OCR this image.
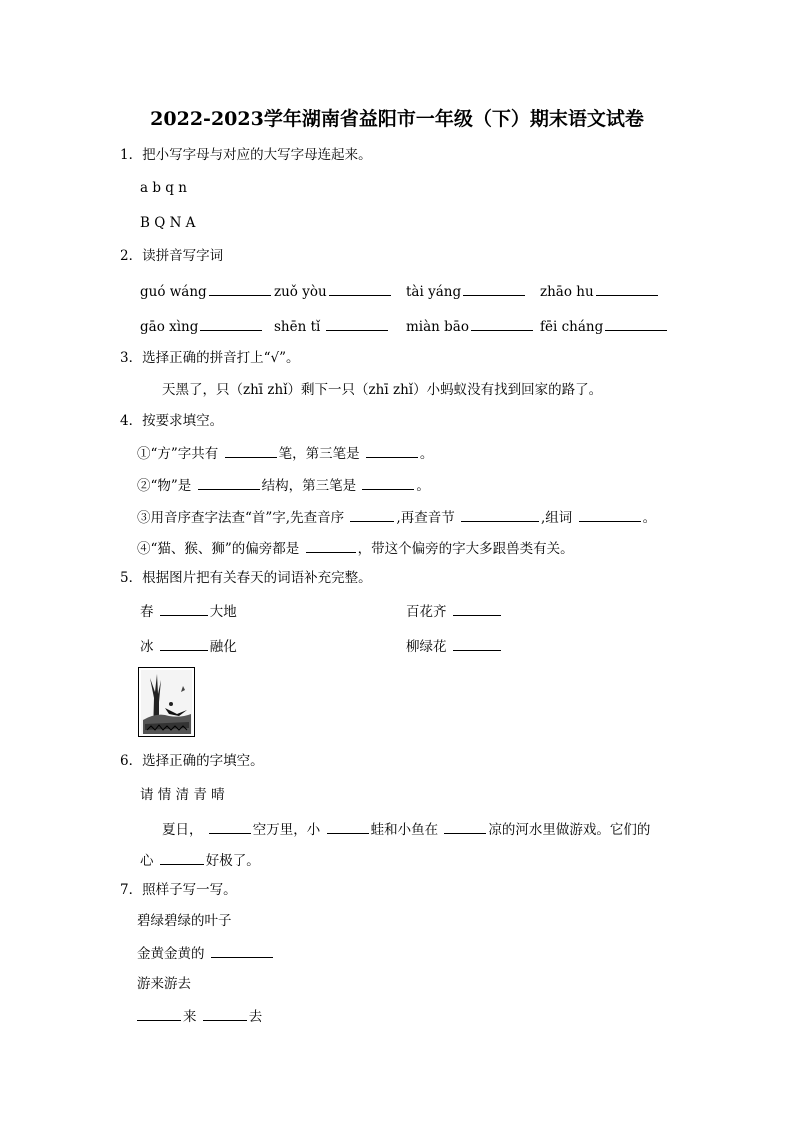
2022-2023学年湖南省益阳市一年级（下）期末语文试卷
1．把小写字母与对应的大写字母连起来。
a b q n
B Q N A
2．读拼音写字词
guó wáng	zuǒ yòu	tài yáng	zhāo hu
gāo xìng	shēn tǐ	miàn bāo	fēi cháng
3．选择正确的拼音打上“√”。
天黑了，只（zhī zhǐ）剩下一只（zhī zhǐ）小蚂蚁没有找到回家的路了。
4．按要求填空。
①“方”字共有	笔，第三笔是	。
②“物”是	结构，第三笔是	。
③用音序查字法查“首”字,先查音序	,再查音节	,组词	。
④“猫、猴、狮”的偏旁都是	，带这个偏旁的字大多跟兽类有关。
5．根据图片把有关春天的词语补充完整。
春	大地	百花齐
冰	融化	柳绿花
6．选择正确的字填空。
请 情 清 青 晴
夏日，	空万里，小	蛙和小鱼在	凉的河水里做游戏。它们的
心	好极了。
7．照样子写一写。
碧绿碧绿的叶子
金黄金黄的
游来游去
来	去
